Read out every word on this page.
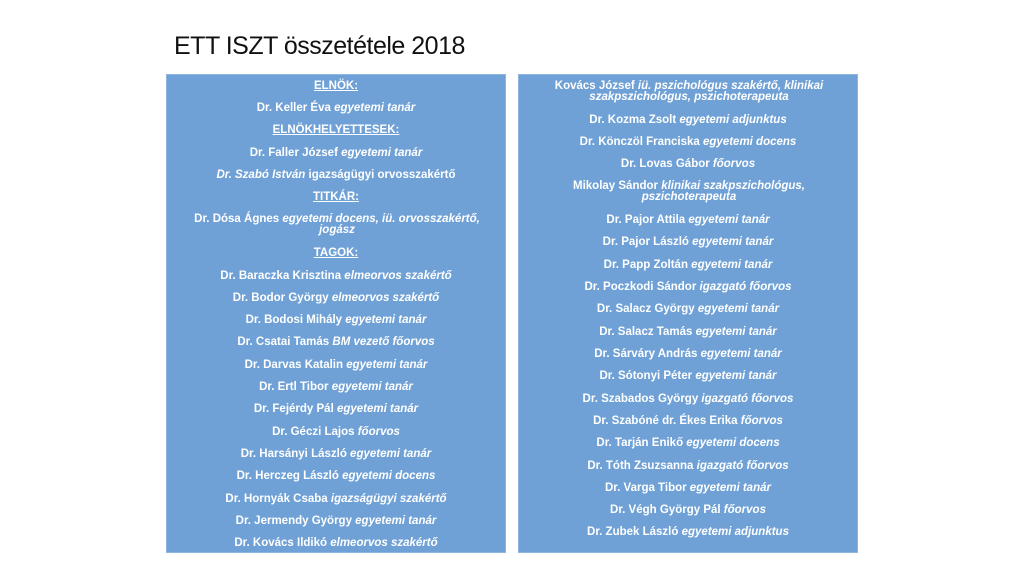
ETT ISZT összetétele 2018
ELNÖK:
Dr. Keller Éva egyetemi tanár
ELNÖKHELYETTESEK:
Dr. Faller József egyetemi tanár
Dr. Szabó István igazságügyi orvosszakértő
TITKÁR:
Dr. Dósa Ágnes egyetemi docens, iü. orvosszakértő, jogász
TAGOK:
Dr. Baraczka Krisztina elmeorvos szakértő
Dr. Bodor György elmeorvos szakértő
Dr. Bodosi Mihály egyetemi tanár
Dr. Csatai Tamás BM vezető főorvos
Dr. Darvas Katalin egyetemi tanár
Dr. Ertl Tibor egyetemi tanár
Dr. Fejérdy Pál egyetemi tanár
Dr. Géczi Lajos főorvos
Dr. Harsányi László egyetemi tanár
Dr. Herczeg László egyetemi docens
Dr. Hornyák Csaba igazságügyi szakértő
Dr. Jermendy György egyetemi tanár
Dr. Kovács Ildikó elmeorvos szakértő
Kovács József iü. pszichológus szakértő, klinikai szakpszichológus, pszichoterapeuta
Dr. Kozma Zsolt egyetemi adjunktus
Dr. Könczöl Franciska egyetemi docens
Dr. Lovas Gábor főorvos
Mikolay Sándor klinikai szakpszichológus, pszichoterapeuta
Dr. Pajor Attila egyetemi tanár
Dr. Pajor László egyetemi tanár
Dr. Papp Zoltán egyetemi tanár
Dr. Poczkodi Sándor igazgató főorvos
Dr. Salacz György egyetemi tanár
Dr. Salacz Tamás egyetemi tanár
Dr. Sárváry András egyetemi tanár
Dr. Sótonyi Péter egyetemi tanár
Dr. Szabados György igazgató főorvos
Dr. Szabóné dr. Ékes Erika főorvos
Dr. Tarján Enikő egyetemi docens
Dr. Tóth Zsuzsanna igazgató főorvos
Dr. Varga Tibor egyetemi tanár
Dr. Végh György Pál főorvos
Dr. Zubek László egyetemi adjunktus
